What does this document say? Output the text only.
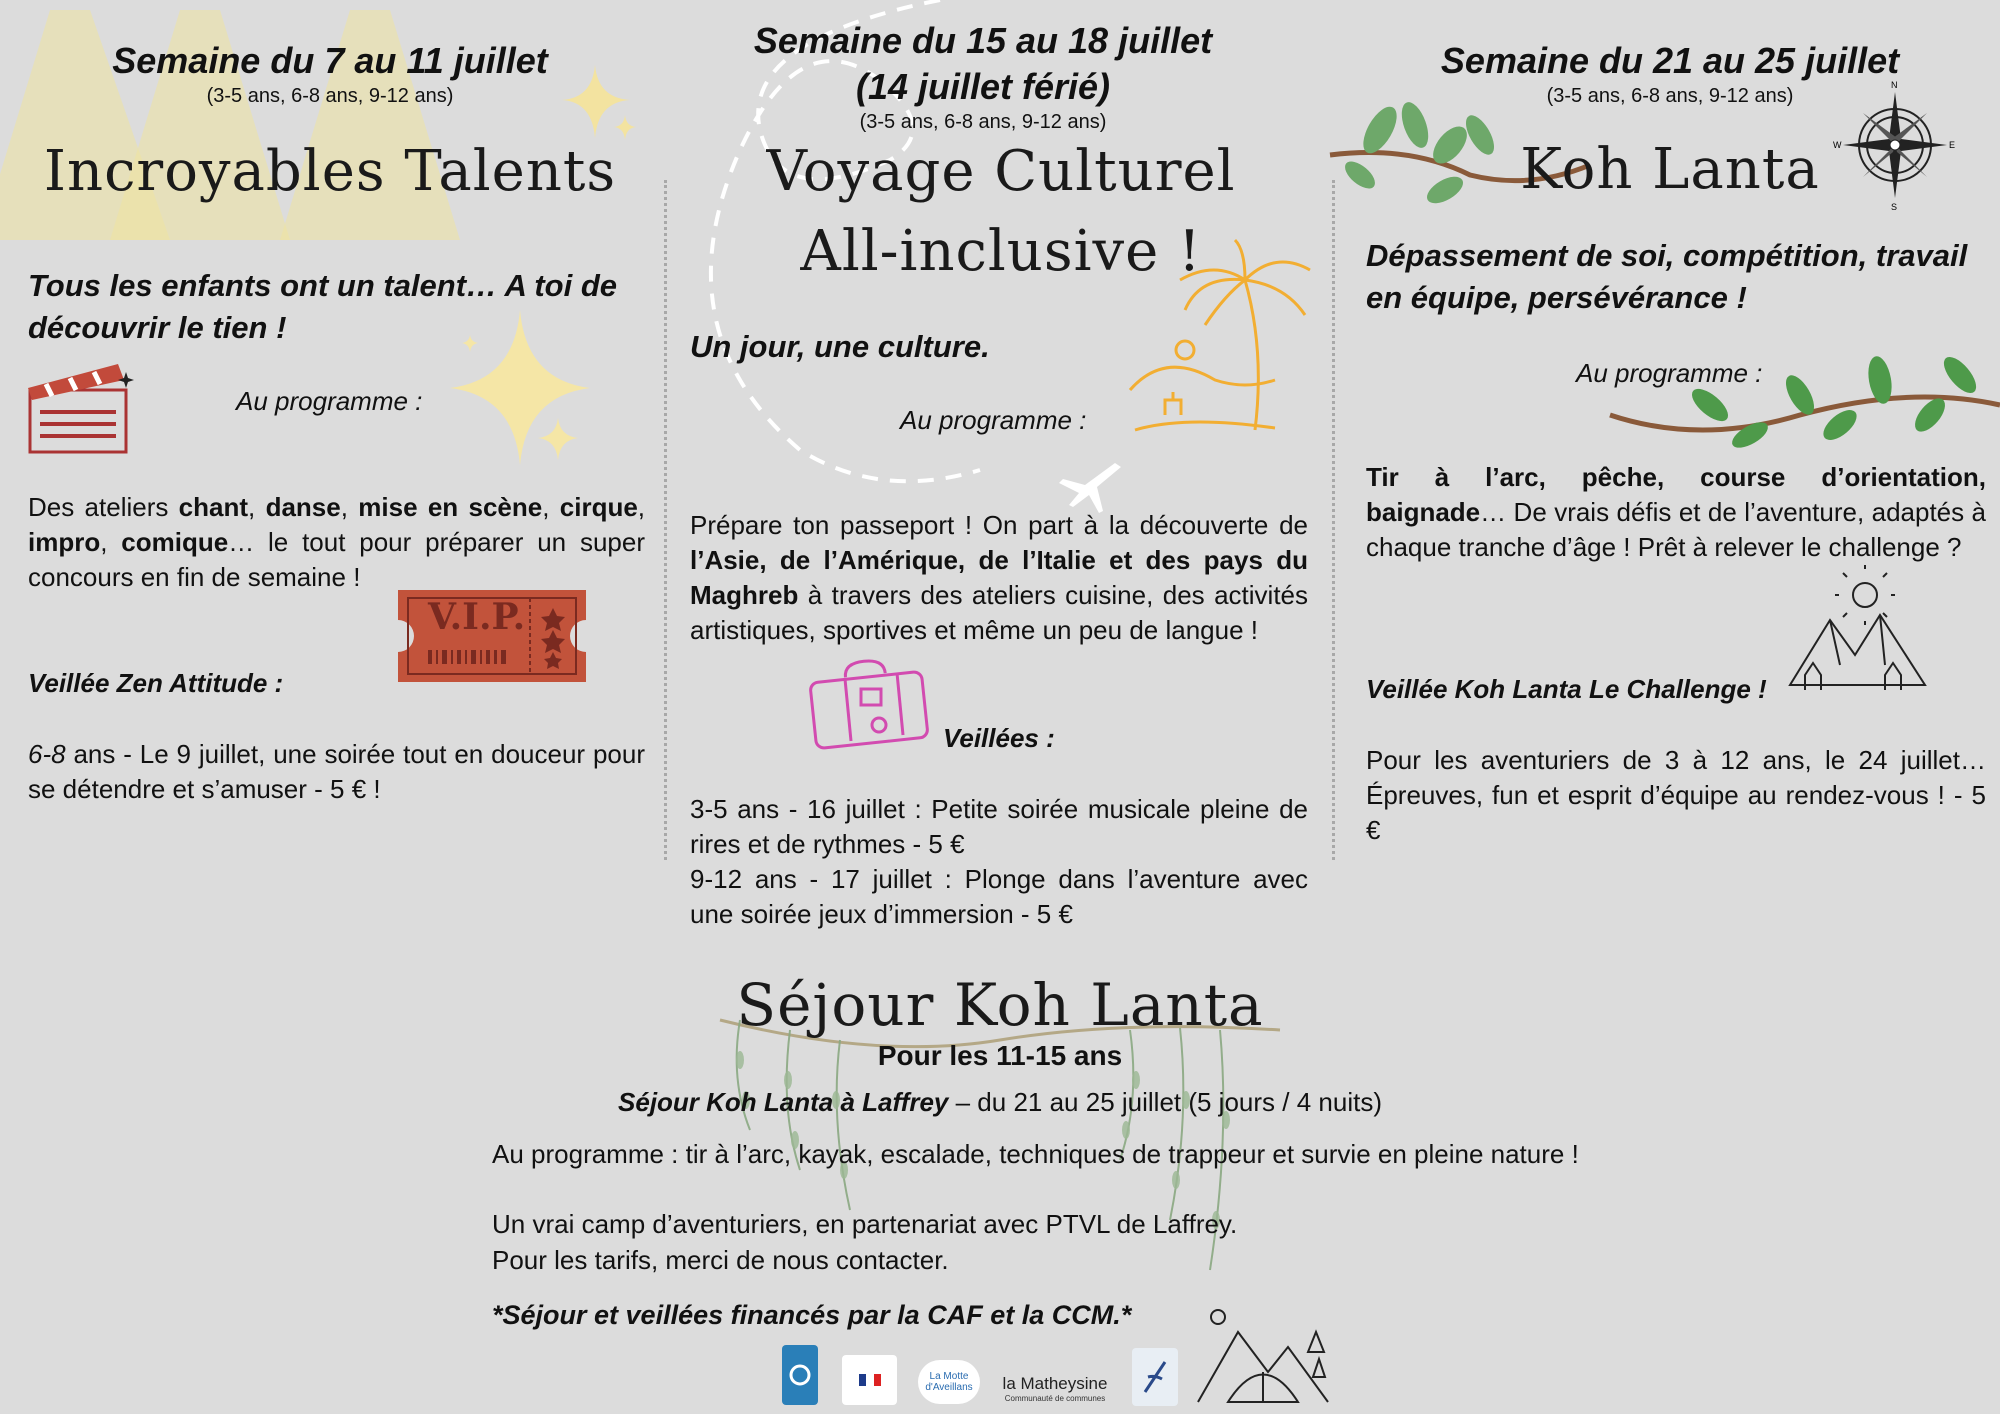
V.I.P.
N
S
E
W
Semaine du 7 au 11 juillet
(3-5 ans, 6-8 ans, 9-12 ans)
Incroyables Talents
Tous les enfants ont un talent… A toi de découvrir le tien !
Au programme :
Des ateliers chant, danse, mise en scène, cirque, impro, comique… le tout pour préparer un super concours en fin de semaine !
Veillée Zen Attitude :
6-8 ans - Le 9 juillet, une soirée tout en douceur pour se détendre et s’amuser - 5 € !
Semaine du 15 au 18 juillet
(14 juillet férié)
(3-5 ans, 6-8 ans, 9-12 ans)
Voyage Culturel
All-inclusive !
Un jour, une culture.
Au programme :
Prépare ton passeport ! On part à la découverte de l’Asie, de l’Amérique, de l’Italie et des pays du Maghreb à travers des ateliers cuisine, des activités artistiques, sportives et même un peu de langue !
Veillées :
3-5 ans - 16 juillet : Petite soirée musicale pleine de rires et de rythmes - 5 €
9-12 ans - 17 juillet : Plonge dans l’aventure avec une soirée jeux d’immersion - 5 €
Semaine du 21 au 25 juillet
(3-5 ans, 6-8 ans, 9-12 ans)
Koh Lanta
Dépassement de soi, compétition, travail en équipe, persévérance !
Au programme :
Tir à l’arc, pêche, course d’orientation, baignade… De vrais défis et de l’aventure, adaptés à chaque tranche d’âge ! Prêt à relever le challenge ?
Veillée Koh Lanta Le Challenge !
Pour les aventuriers de 3 à 12 ans, le 24 juillet… Épreuves, fun et esprit d’équipe au rendez-vous ! - 5 €
Séjour Koh Lanta
Pour les 11-15 ans
Séjour Koh Lanta à Laffrey – du 21 au 25 juillet (5 jours / 4 nuits)
Au programme : tir à l’arc, kayak, escalade, techniques de trappeur et survie en pleine nature !
Un vrai camp d’aventuriers, en partenariat avec PTVL de Laffrey.
Pour les tarifs, merci de nous contacter.
*Séjour et veillées financés par la CAF et la CCM.*
La Motte d'Aveillans	la Matheysine
Communauté de communes
